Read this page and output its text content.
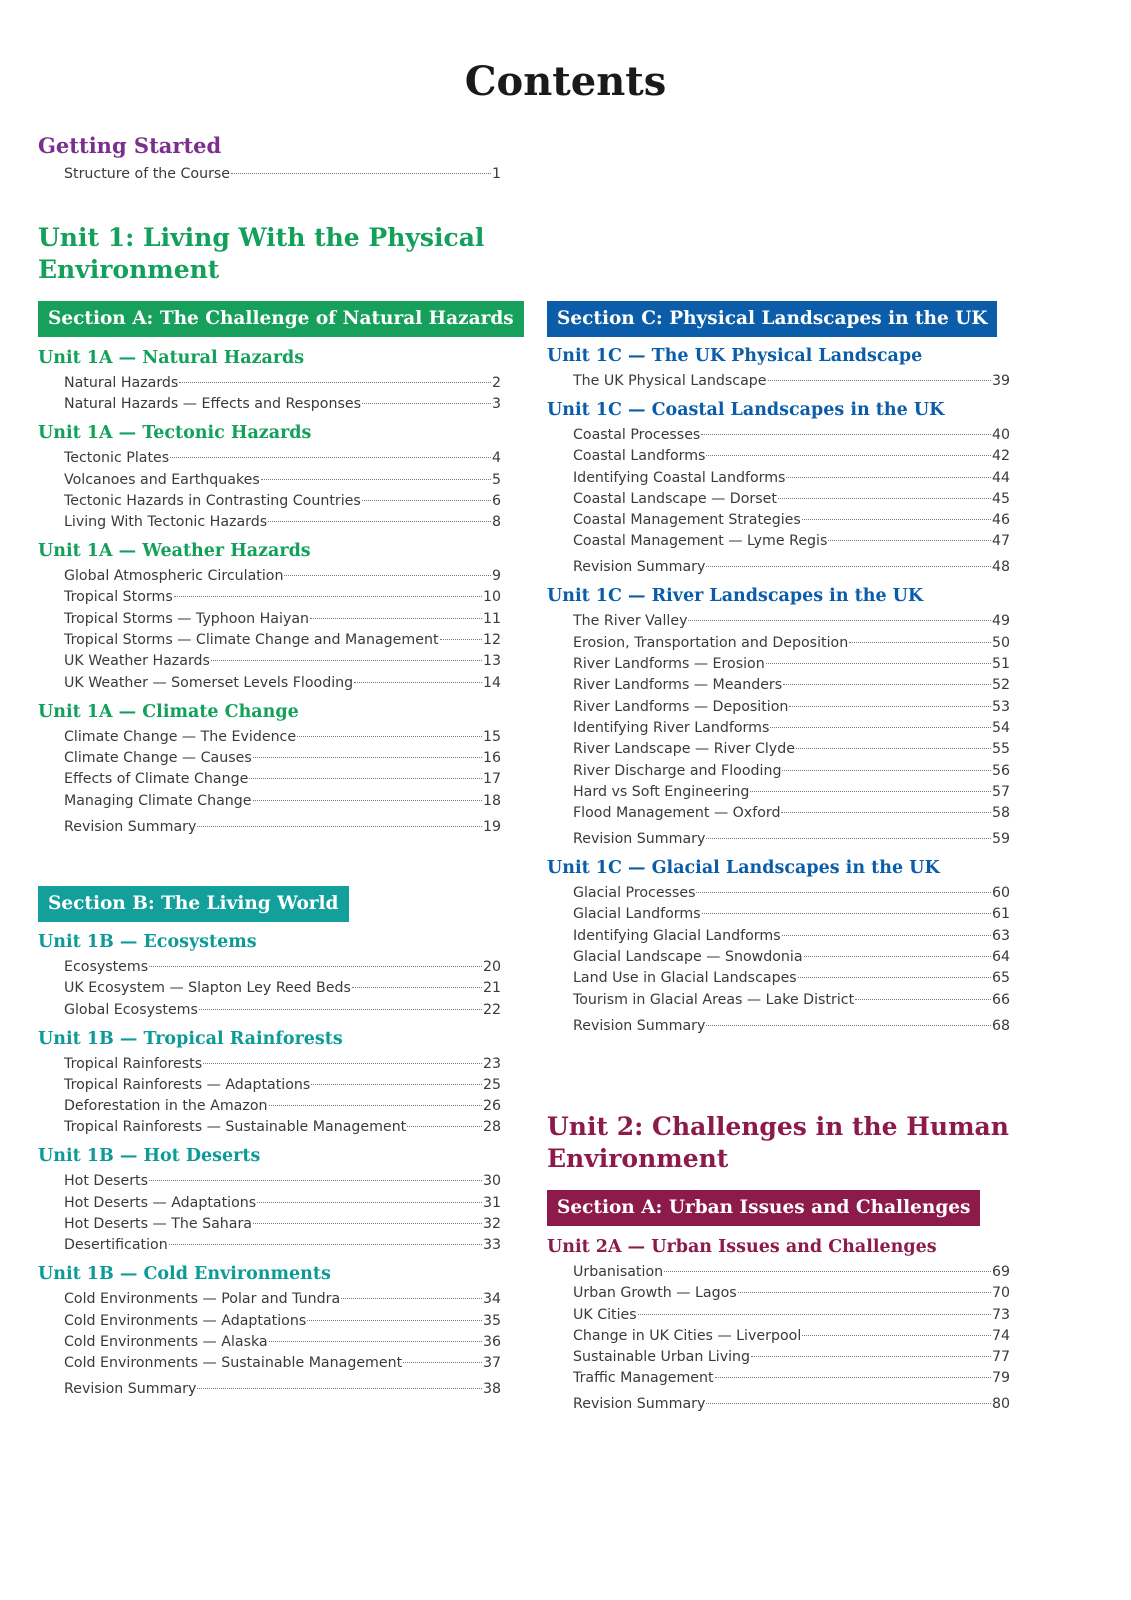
Contents
Getting Started
Structure of the Course	1
Unit 1: Living With the Physical
Environment
Section A: The Challenge of Natural Hazards
Unit 1A — Natural Hazards
Natural Hazards	2
Natural Hazards — Effects and Responses	3
Unit 1A — Tectonic Hazards
Tectonic Plates	4
Volcanoes and Earthquakes	5
Tectonic Hazards in Contrasting Countries	6
Living With Tectonic Hazards	8
Unit 1A — Weather Hazards
Global Atmospheric Circulation	9
Tropical Storms	10
Tropical Storms — Typhoon Haiyan	11
Tropical Storms — Climate Change and Management	12
UK Weather Hazards	13
UK Weather — Somerset Levels Flooding	14
Unit 1A — Climate Change
Climate Change — The Evidence	15
Climate Change — Causes	16
Effects of Climate Change	17
Managing Climate Change	18
Revision Summary	19
Section B: The Living World
Unit 1B — Ecosystems
Ecosystems	20
UK Ecosystem — Slapton Ley Reed Beds	21
Global Ecosystems	22
Unit 1B — Tropical Rainforests
Tropical Rainforests	23
Tropical Rainforests — Adaptations	25
Deforestation in the Amazon	26
Tropical Rainforests — Sustainable Management	28
Unit 1B — Hot Deserts
Hot Deserts	30
Hot Deserts — Adaptations	31
Hot Deserts — The Sahara	32
Desertification	33
Unit 1B — Cold Environments
Cold Environments — Polar and Tundra	34
Cold Environments — Adaptations	35
Cold Environments — Alaska	36
Cold Environments — Sustainable Management	37
Revision Summary	38
Section C: Physical Landscapes in the UK
Unit 1C — The UK Physical Landscape
The UK Physical Landscape	39
Unit 1C — Coastal Landscapes in the UK
Coastal Processes	40
Coastal Landforms	42
Identifying Coastal Landforms	44
Coastal Landscape — Dorset	45
Coastal Management Strategies	46
Coastal Management — Lyme Regis	47
Revision Summary	48
Unit 1C — River Landscapes in the UK
The River Valley	49
Erosion, Transportation and Deposition	50
River Landforms — Erosion	51
River Landforms — Meanders	52
River Landforms — Deposition	53
Identifying River Landforms	54
River Landscape — River Clyde	55
River Discharge and Flooding	56
Hard vs Soft Engineering	57
Flood Management — Oxford	58
Revision Summary	59
Unit 1C — Glacial Landscapes in the UK
Glacial Processes	60
Glacial Landforms	61
Identifying Glacial Landforms	63
Glacial Landscape — Snowdonia	64
Land Use in Glacial Landscapes	65
Tourism in Glacial Areas — Lake District	66
Revision Summary	68
Unit 2: Challenges in the Human
Environment
Section A: Urban Issues and Challenges
Unit 2A — Urban Issues and Challenges
Urbanisation	69
Urban Growth — Lagos	70
UK Cities	73
Change in UK Cities — Liverpool	74
Sustainable Urban Living	77
Traffic Management	79
Revision Summary	80
